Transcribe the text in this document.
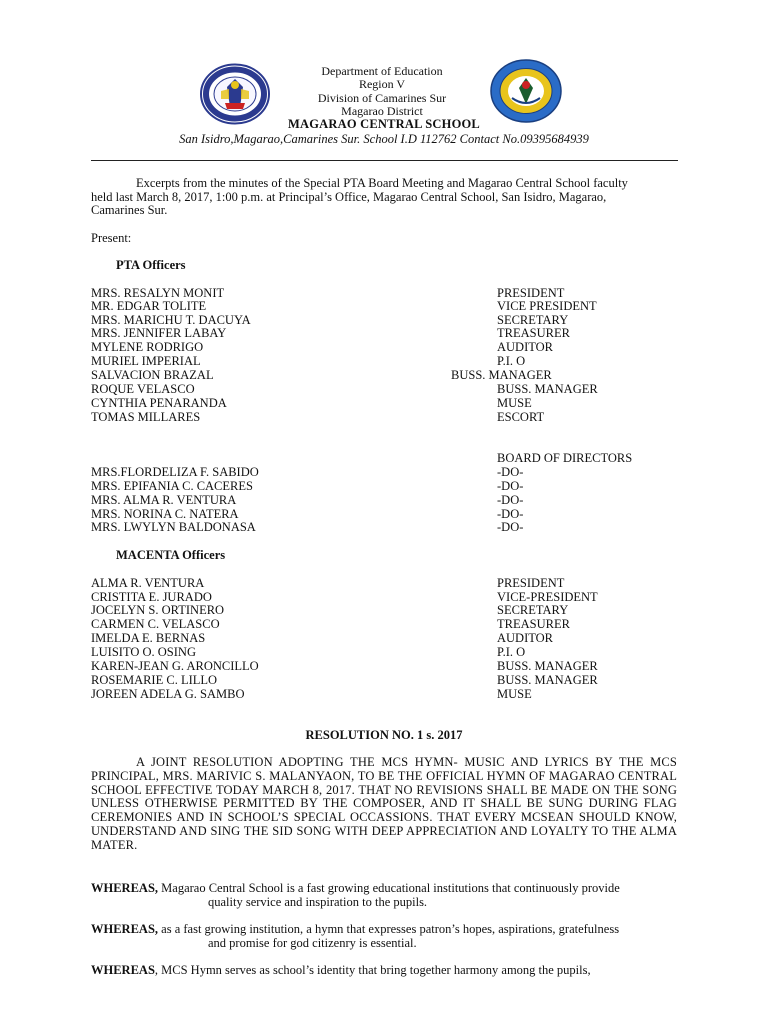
Department of Education
Region V
Division of Camarines Sur
Magarao District
MAGARAO CENTRAL SCHOOL
San Isidro,Magarao,Camarines Sur. School I.D 112762 Contact No.09395684939
Excerpts from the minutes of the Special PTA Board Meeting and Magarao Central School faculty held last March 8, 2017, 1:00 p.m. at Principal’s Office, Magarao Central School, San Isidro, Magarao, Camarines Sur.
Present:
PTA Officers
MRS. RESALYN MONIT	PRESIDENT
MR. EDGAR TOLITE	VICE PRESIDENT
MRS. MARICHU T. DACUYA	SECRETARY
MRS. JENNIFER LABAY	TREASURER
MYLENE RODRIGO	AUDITOR
MURIEL IMPERIAL	P.I. O
SALVACION BRAZAL	BUSS. MANAGER
ROQUE VELASCO	BUSS. MANAGER
CYNTHIA PENARANDA	MUSE
TOMAS MILLARES	ESCORT
BOARD OF DIRECTORS
MRS.FLORDELIZA F. SABIDO	-DO-
MRS. EPIFANIA C. CACERES	-DO-
MRS. ALMA R. VENTURA	-DO-
MRS. NORINA C. NATERA	-DO-
MRS. LWYLYN BALDONASA	-DO-
MACENTA Officers
ALMA R. VENTURA	PRESIDENT
CRISTITA E. JURADO	VICE-PRESIDENT
JOCELYN S. ORTINERO	SECRETARY
CARMEN C. VELASCO	TREASURER
IMELDA E. BERNAS	AUDITOR
LUISITO O. OSING	P.I. O
KAREN-JEAN G. ARONCILLO	BUSS. MANAGER
ROSEMARIE C. LILLO	BUSS. MANAGER
JOREEN ADELA G. SAMBO	MUSE
RESOLUTION NO. 1 s. 2017
A JOINT RESOLUTION ADOPTING THE MCS HYMN- MUSIC AND LYRICS BY THE MCS PRINCIPAL, MRS. MARIVIC S. MALANYAON, TO BE THE OFFICIAL HYMN OF MAGARAO CENTRAL SCHOOL EFFECTIVE TODAY MARCH 8, 2017. THAT NO REVISIONS SHALL BE MADE ON THE SONG UNLESS OTHERWISE PERMITTED BY THE COMPOSER, AND IT SHALL BE SUNG DURING FLAG CEREMONIES AND IN SCHOOL’S SPECIAL OCCASSIONS. THAT EVERY MCSEAN SHOULD KNOW, UNDERSTAND AND SING THE SID SONG WITH DEEP APPRECIATION AND LOYALTY TO THE ALMA MATER.
WHEREAS, Magarao Central School is a fast growing educational institutions that continuously provide
quality service and inspiration to the pupils.
WHEREAS, as a fast growing institution, a hymn that expresses patron’s hopes, aspirations, gratefulness
and promise for god citizenry is essential.
WHEREAS, MCS Hymn serves as school’s identity that bring together harmony among the pupils,
